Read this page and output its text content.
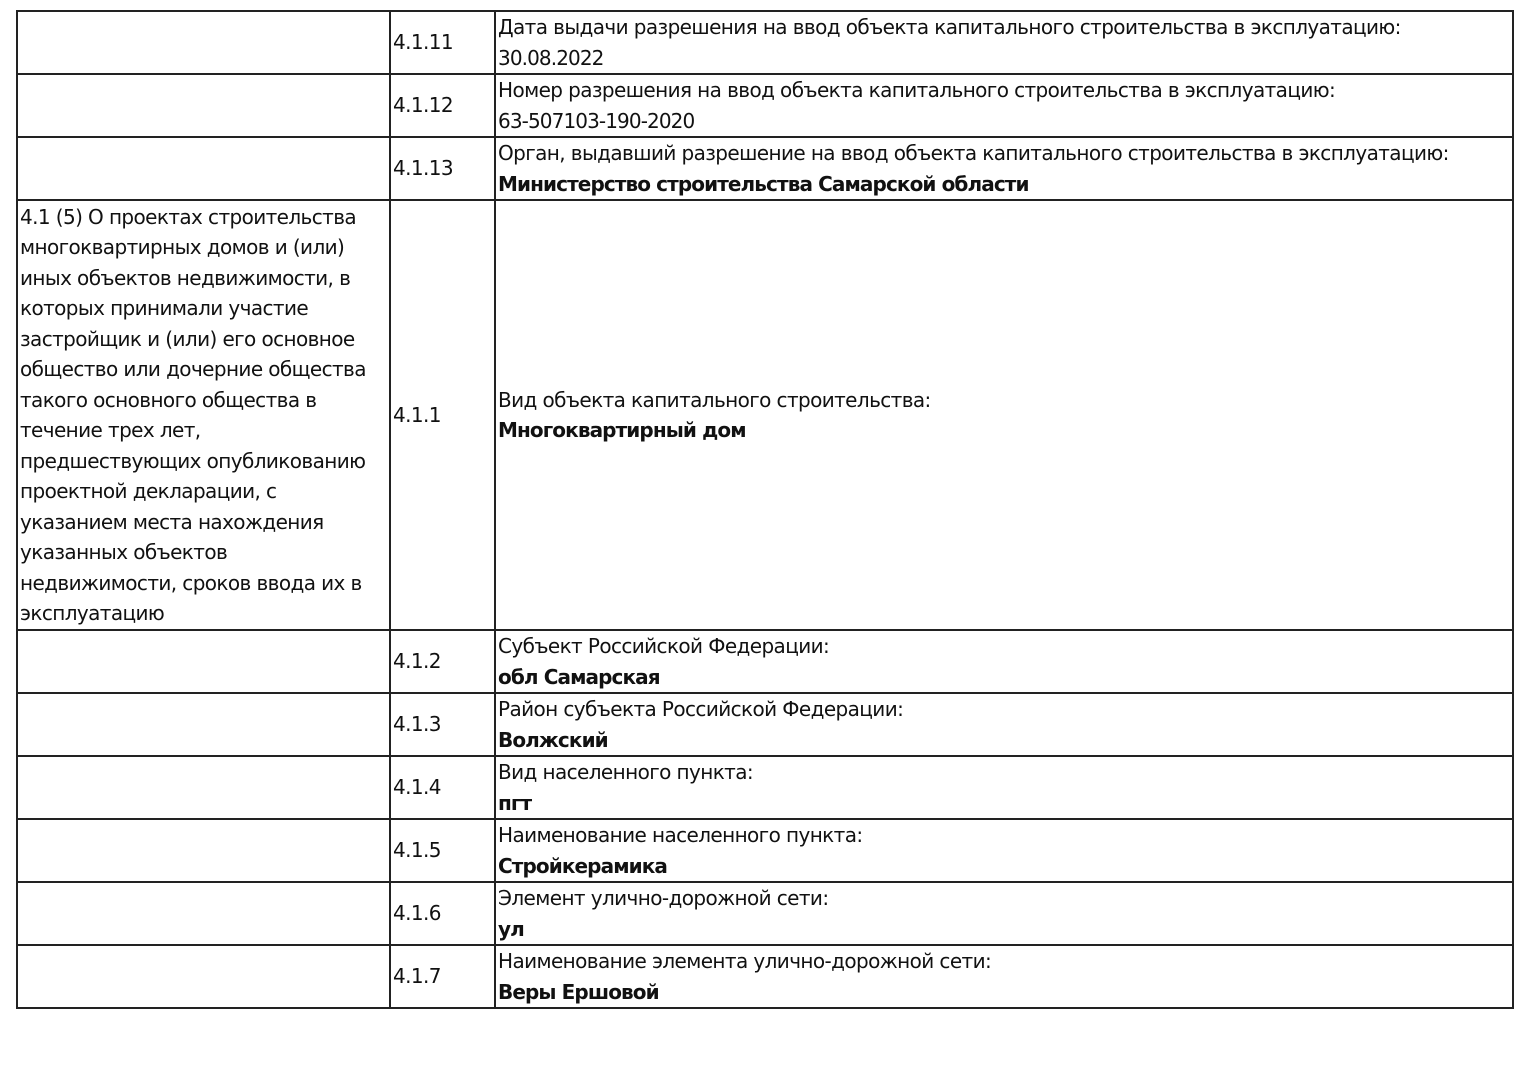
	4.1.11	Дата выдачи разрешения на ввод объекта капитального строительства в эксплуатацию:
30.08.2022

	4.1.12	Номер разрешения на ввод объекта капитального строительства в эксплуатацию:
63-507103-190-2020

	4.1.13	Орган, выдавший разрешение на ввод объекта капитального строительства в эксплуатацию:
Министерство строительства Самарской области

4.1 (5) О проектах строительства многоквартирных домов и (или) иных объектов недвижимости, в которых принимали участие застройщик и (или) его основное общество или дочерние общества такого основного общества в течение трех лет, предшествующих опубликованию проектной декларации, с указанием места нахождения указанных объектов недвижимости, сроков ввода их в эксплуатацию	4.1.1	Вид объекта капитального строительства:
Многоквартирный дом

	4.1.2	Субъект Российской Федерации:
обл Самарская

	4.1.3	Район субъекта Российской Федерации:
Волжский

	4.1.4	Вид населенного пункта:
пгт

	4.1.5	Наименование населенного пункта:
Стройкерамика

	4.1.6	Элемент улично-дорожной сети:
ул

	4.1.7	Наименование элемента улично-дорожной сети:
Веры Ершовой
